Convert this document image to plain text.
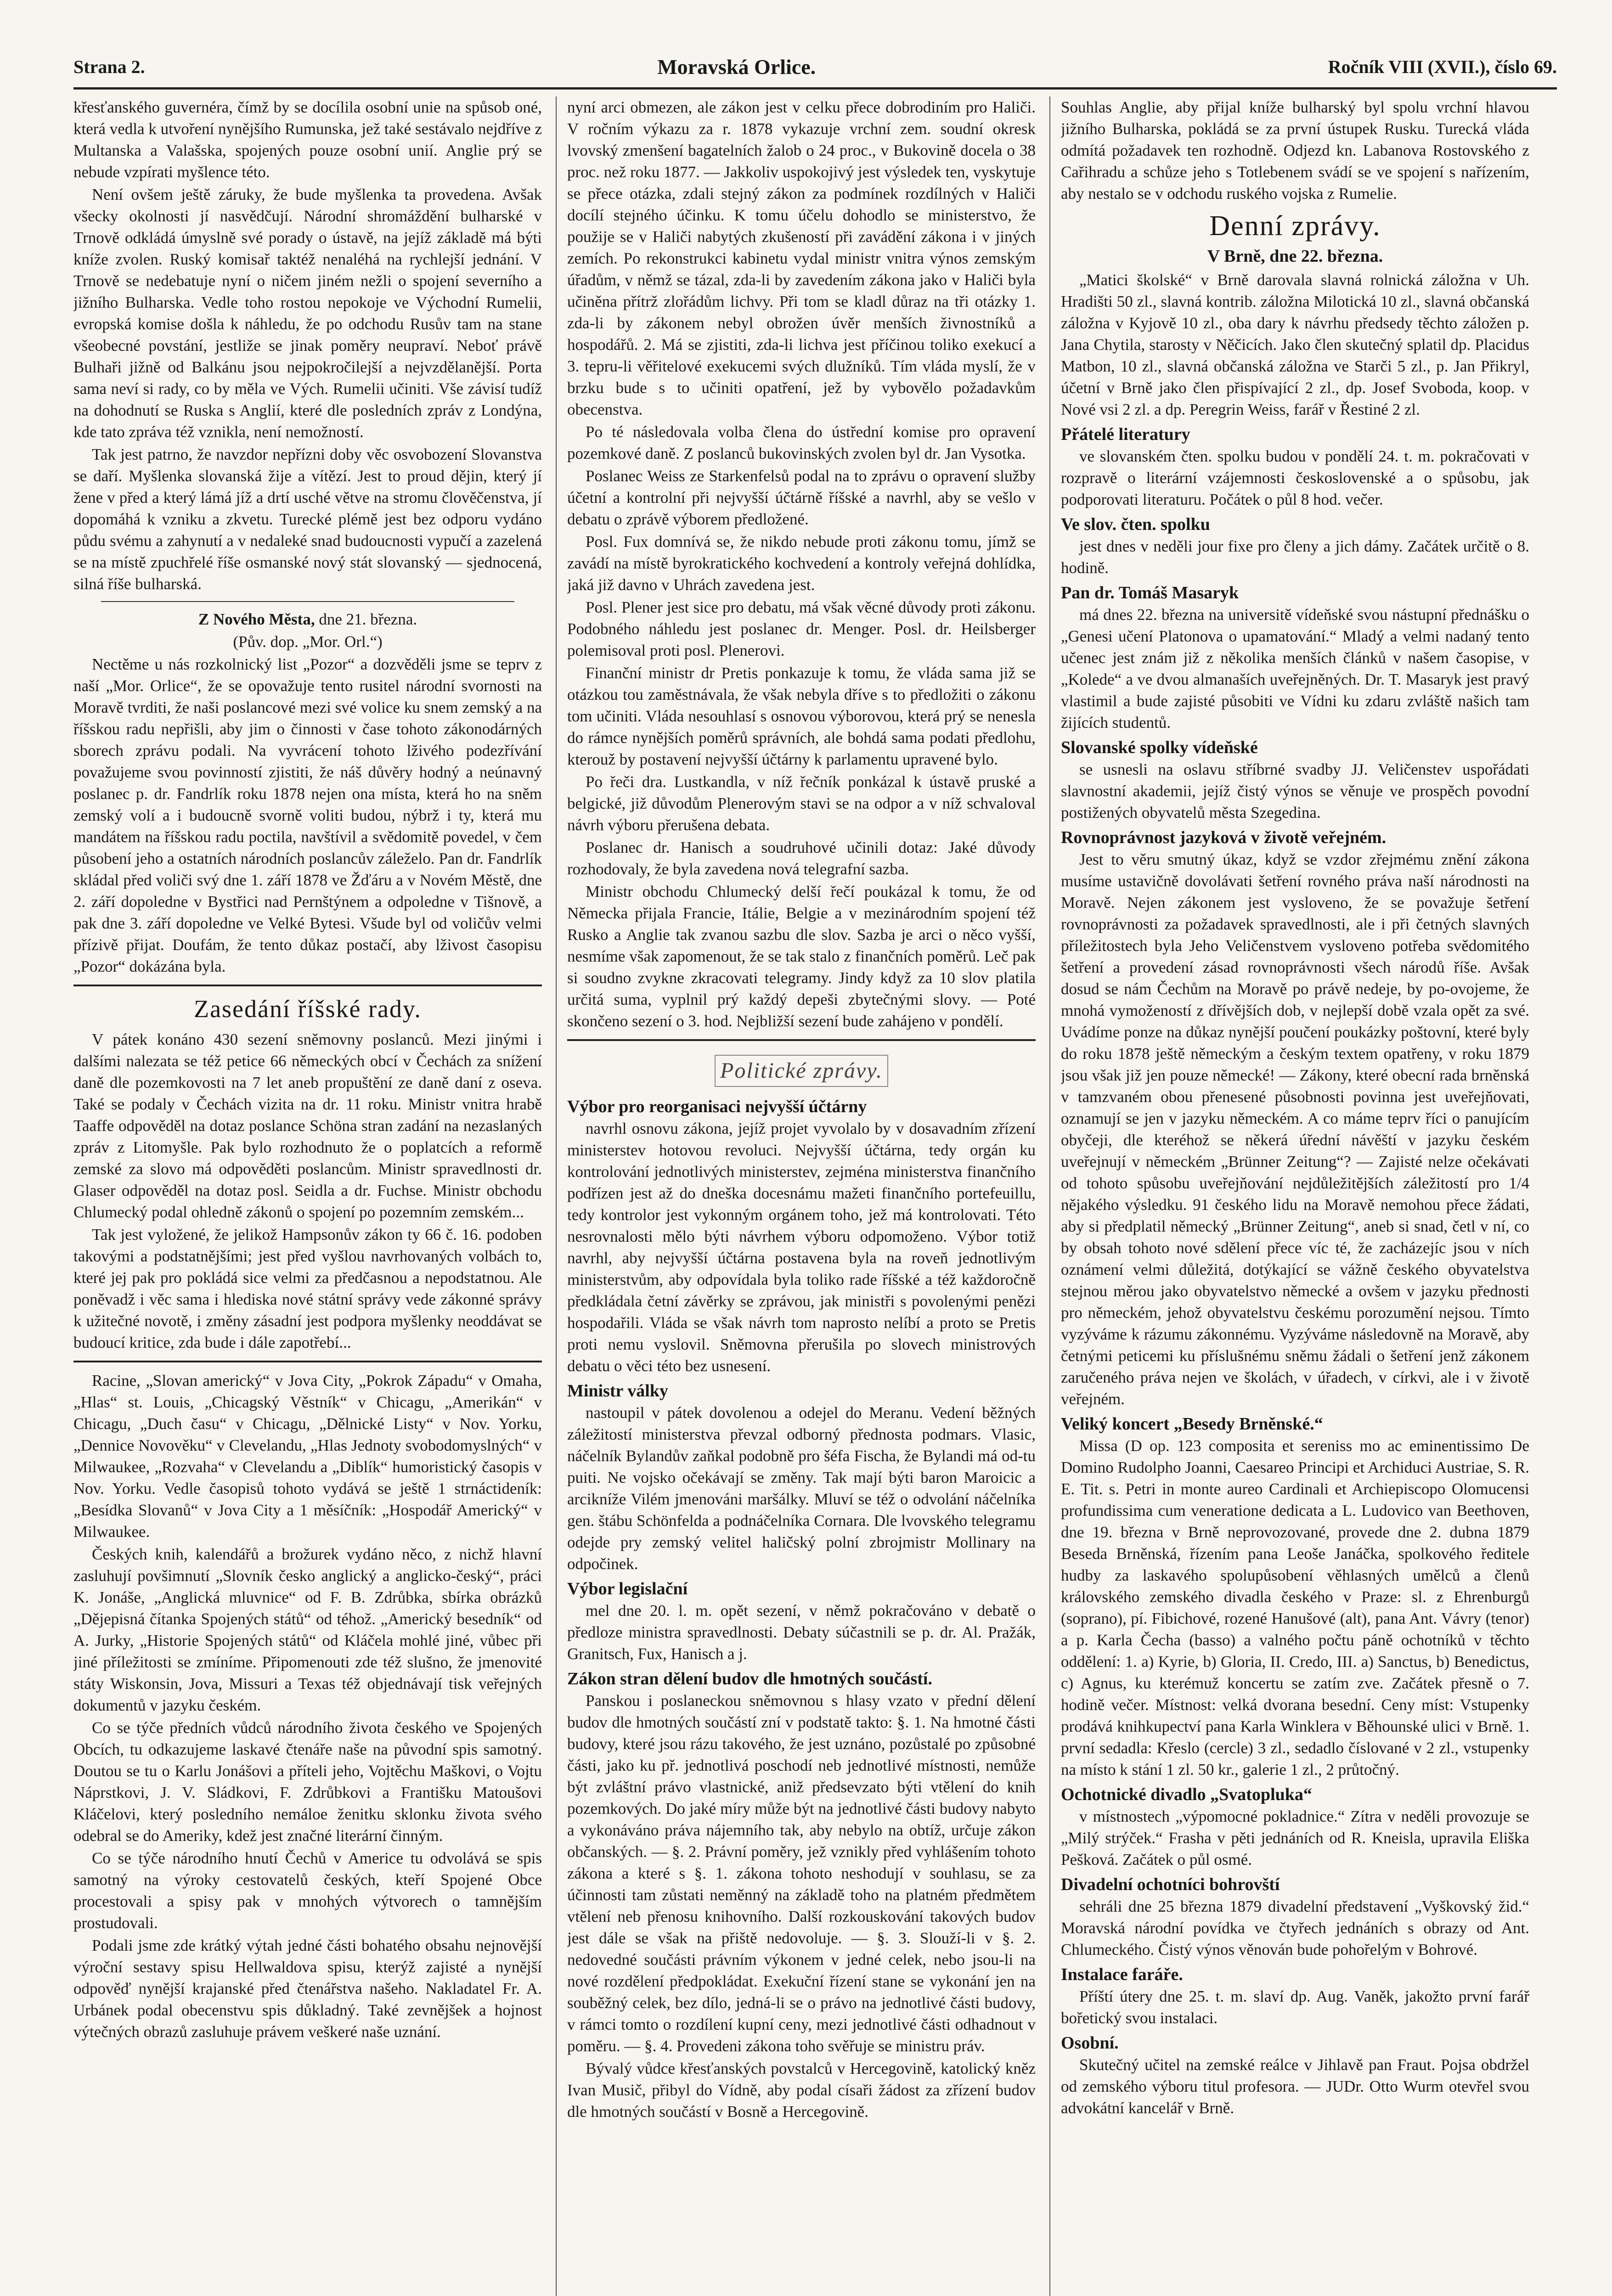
Strana 2.	Moravská Orlice.	Ročník VIII (XVII.), číslo 69.

křesťanského guvernéra, čímž by se docílila osobní unie na spůsob oné, která vedla k utvoření nynějšího Rumunska, jež také sestávalo nejdříve z Multanska a Valašska, spojených pouze osobní unií. Anglie prý se nebude vzpírati myšlence této.

Není ovšem ještě záruky, že bude myšlenka ta provedena. Avšak všecky okolnosti jí nasvědčují. Národní shromáždění bulharské v Trnově odkládá úmyslně své porady o ústavě, na jejíž základě má býti kníže zvolen. Ruský komisař taktéž nenaléhá na rychlejší jednání. V Trnově se nedebatuje nyní o ničem jiném nežli o spojení severního a jižního Bulharska. Vedle toho rostou nepokoje ve Východní Rumelii, evropská komise došla k náhledu, že po odchodu Rusův tam na stane všeobecné povstání, jestliže se jinak poměry neupraví. Neboť právě Bulhaři jižně od Balkánu jsou nejpokročilejší a nejvzdělanější. Porta sama neví si rady, co by měla ve Vých. Rumelii učiniti. Vše závisí tudíž na dohodnutí se Ruska s Anglií, které dle posledních zpráv z Londýna, kde tato zpráva též vznikla, není nemožností.

Tak jest patrno, že navzdor nepřízni doby věc osvobození Slovanstva se daří. Myšlenka slovanská žije a vítězí. Jest to proud dějin, který jí žene v před a který lámá jíž a drtí usché větve na stromu člověčenstva, jí dopomáhá k vzniku a zkvetu. Turecké plémě jest bez odporu vydáno půdu svému a zahynutí a v nedaleké snad budoucnosti vypučí a zazelená se na místě zpuchřelé říše osmanské nový stát slovanský — sjednocená, silná říše bulharská.

Z Nového Města, dne 21. března.

(Pův. dop. „Mor. Orl.“)

Nectěme u nás rozkolnický list „Pozor“ a dozvěděli jsme se teprv z naší „Mor. Orlice“, že se opovažuje tento rusitel národní svornosti na Moravě tvrditi, že naši poslancové mezi své volice ku snem zemský a na říšskou radu nepřišli, aby jim o činnosti v čase tohoto zákonodárných sborech zprávu podali. Na vyvrácení tohoto lživého podezřívání považujeme svou povinností zjistiti, že náš důvěry hodný a neúnavný poslanec p. dr. Fandrlík roku 1878 nejen ona místa, která ho na sněm zemský volí a i budoucně svorně voliti budou, nýbrž i ty, která mu mandátem na říšskou radu poctila, navštívil a svědomitě povedel, v čem působení jeho a ostatních národních poslancův záleželo. Pan dr. Fandrlík skládal před voliči svý dne 1. září 1878 ve Žďáru a v Novém Městě, dne 2. září dopoledne v Bystřici nad Pernštýnem a odpoledne v Tišnově, a pak dne 3. září dopoledne ve Velké Bytesi. Všude byl od voličův velmi přízivě přijat. Doufám, že tento důkaz postačí, aby lživost časopisu „Pozor“ dokázána byla.

Zasedání říšské rady.

V pátek konáno 430 sezení sněmovny poslanců. Mezi jinými i dalšími nalezata se též petice 66 německých obcí v Čechách za snížení daně dle pozemkovosti na 7 let aneb propuštění ze daně daní z oseva. Také se podaly v Čechách vizita na dr. 11 roku. Ministr vnitra hrabě Taaffe odpověděl na dotaz poslance Schöna stran zadání na nezaslaných zpráv z Litomyšle. Pak bylo rozhodnuto že o poplatcích a reformě zemské za slovo má odpověděti poslancům. Ministr spravedlnosti dr. Glaser odpověděl na dotaz posl. Seidla a dr. Fuchse. Ministr obchodu Chlumecký podal ohledně zákonů o spojení po pozemním zemském...

Tak jest vyložené, že jelikož Hampsonův zákon ty 66 č. 16. podoben takovými a podstatnějšími; jest před vyšlou navrhovaných volbách to, které jej pak pro pokládá sice velmi za předčasnou a nepodstatnou. Ale poněvadž i věc sama i hlediska nové státní správy vede zákonné správy k užitečné novotě, i změny zásadní jest podpora myšlenky neoddávat se budoucí kritice, zda bude i dále zapotřebí...

Racine, „Slovan americký“ v Jova City, „Pokrok Západu“ v Omaha, „Hlas“ st. Louis, „Chicagský Věstník“ v Chicagu, „Amerikán“ v Chicagu, „Duch času“ v Chicagu, „Dělnické Listy“ v Nov. Yorku, „Dennice Novověku“ v Clevelandu, „Hlas Jednoty svobodomyslných“ v Milwaukee, „Rozvaha“ v Clevelandu a „Diblík“ humoristický časopis v Nov. Yorku. Vedle časopisů tohoto vydává se ještě 1 strnáctideník: „Besídka Slovanů“ v Jova City a 1 měsíčník: „Hospodář Americký“ v Milwaukee.

Českých knih, kalendářů a brožurek vydáno něco, z nichž hlavní zasluhují povšimnutí „Slovník česko anglický a anglicko-český“, práci K. Jonáše, „Anglická mluvnice“ od F. B. Zdrůbka, sbírka obrázků „Dějepisná čítanka Spojených států“ od téhož. „Americký besedník“ od A. Jurky, „Historie Spojených států“ od Kláčela mohlé jiné, vůbec při jiné příležitosti se zmíníme. Připomenouti zde též slušno, že jmenovité státy Wiskonsin, Jova, Missuri a Texas též objednávají tisk veřejných dokumentů v jazyku českém.

Co se týče předních vůdců národního života českého ve Spojených Obcích, tu odkazujeme laskavé čtenáře naše na původní spis samotný. Doutou se tu o Karlu Jonášovi a příteli jeho, Vojtěchu Maškovi, o Vojtu Náprstkovi, J. V. Sládkovi, F. Zdrůbkovi a Františku Matoušovi Kláčelovi, který posledního nemáloe ženitku sklonku života svého odebral se do Ameriky, kdež jest značné literární činným.

Co se týče národního hnutí Čechů v Americe tu odvolává se spis samotný na výroky cestovatelů českých, kteří Spojené Obce procestovali a spisy pak v mnohých výtvorech o tamnějším prostudovali.

Podali jsme zde krátký výtah jedné části bohatého obsahu nejnovější výroční sestavy spisu Hellwaldova spisu, kterýž zajisté a nynější odpověď nynější krajanské před čtenářstva našeho. Nakladatel Fr. A. Urbánek podal obecenstvu spis důkladný. Také zevnějšek a hojnost výtečných obrazů zasluhuje právem veškeré naše uznání.

nyní arci obmezen, ale zákon jest v celku přece dobrodiním pro Haliči. V ročním výkazu za r. 1878 vykazuje vrchní zem. soudní okresk lvovský zmenšení bagatelních žalob o 24 proc., v Bukovině docela o 38 proc. než roku 1877. — Jakkoliv uspokojivý jest výsledek ten, vyskytuje se přece otázka, zdali stejný zákon za podmínek rozdílných v Haliči docílí stejného účinku. K tomu účelu dohodlo se ministerstvo, že použije se v Haliči nabytých zkušeností při zavádění zákona i v jiných zemích. Po rekonstrukci kabinetu vydal ministr vnitra výnos zemským úřadům, v němž se tázal, zda-li by zavedením zákona jako v Haliči byla učiněna přítrž zlořádům lichvy. Při tom se kladl důraz na tři otázky 1. zda-li by zákonem nebyl obrožen úvěr menších živnostníků a hospodářů. 2. Má se zjistiti, zda-li lichva jest příčinou toliko exekucí a 3. tepru-li věřitelové exekucemi svých dlužníků. Tím vláda myslí, že v brzku bude s to učiniti opatření, jež by vybovělo požadavkům obecenstva.

Po té následovala volba člena do ústřední komise pro opravení pozemkové daně. Z poslanců bukovinských zvolen byl dr. Jan Vysotka.

Poslanec Weiss ze Starkenfelsů podal na to zprávu o opravení služby účetní a kontrolní při nejvyšší účtárně říšské a navrhl, aby se vešlo v debatu o zprávě výborem předložené.

Posl. Fux domnívá se, že nikdo nebude proti zákonu tomu, jímž se zavádí na místě byrokratického kochvedení a kontroly veřejná dohlídka, jaká již davno v Uhrách zavedena jest.

Posl. Plener jest sice pro debatu, má však věcné důvody proti zákonu. Podobného náhledu jest poslanec dr. Menger. Posl. dr. Heilsberger polemisoval proti posl. Plenerovi.

Finanční ministr dr Pretis ponkazuje k tomu, že vláda sama již se otázkou tou zaměstnávala, že však nebyla dříve s to předložiti o zákonu tom učiniti. Vláda nesouhlasí s osnovou výborovou, která prý se nenesla do rámce nynějších poměrů správních, ale bohdá sama podati předlohu, kterouž by postavení nejvyšší účtárny k parlamentu upravené bylo.

Po řeči dra. Lustkandla, v níž řečník ponkázal k ústavě pruské a belgické, již důvodům Plenerovým stavi se na odpor a v níž schvaloval návrh výboru přerušena debata.

Poslanec dr. Hanisch a soudruhové učinili dotaz: Jaké důvody rozhodovaly, že byla zavedena nová telegrafní sazba.

Ministr obchodu Chlumecký delší řečí poukázal k tomu, že od Německa přijala Francie, Itálie, Belgie a v mezinárodním spojení též Rusko a Anglie tak zvanou sazbu dle slov. Sazba je arci o něco vyšší, nesmíme však zapomenout, že se tak stalo z finančních poměrů. Leč pak si soudno zvykne zkracovati telegramy. Jindy když za 10 slov platila určitá suma, vyplnil prý každý depeši zbytečnými slovy. — Poté skončeno sezení o 3. hod. Nejbližší sezení bude zahájeno v pondělí.

Politické zprávy.

Výbor pro reorganisaci nejvyšší účtárny

navrhl osnovu zákona, jejíž projet vyvolalo by v dosavadním zřízení ministerstev hotovou revoluci. Nejvyšší účtárna, tedy orgán ku kontrolování jednotlivých ministerstev, zejména ministerstva finančního podřízen jest až do dneška docesnámu mažeti finančního portefeuillu, tedy kontrolor jest vykonným orgánem toho, jež má kontrolovati. Této nesrovnalosti mělo býti návrhem výboru odpomoženo. Výbor totiž navrhl, aby nejvyšší účtárna postavena byla na roveň jednotlivým ministerstvům, aby odpovídala byla toliko rade říšské a též každoročně předkládala četní závěrky se zprávou, jak ministři s povolenými penězi hospodařili. Vláda se však návrh tom naprosto nelíbí a proto se Pretis proti nemu vyslovil. Sněmovna přerušila po slovech ministrových debatu o věci této bez usnesení.

Ministr války

nastoupil v pátek dovolenou a odejel do Meranu. Vedení běžných záležitostí ministerstva převzal odborný přednosta podmars. Vlasic, náčelník Bylandův zaňkal podobně pro šéfa Fischa, že Bylandi má od-tu puiti. Ne vojsko očekávají se změny. Tak mají býti baron Maroicic a arcikníže Vilém jmenováni maršálky. Mluví se též o odvolání náčelníka gen. štábu Schönfelda a podnáčelníka Cornara. Dle lvovského telegramu odejde pry zemský velitel haličský polní zbrojmistr Mollinary na odpočinek.

Výbor legislační

mel dne 20. l. m. opět sezení, v němž pokračováno v debatě o předloze ministra spravedlnosti. Debaty súčastnili se p. dr. Al. Pražák, Granitsch, Fux, Hanisch a j.

Zákon stran dělení budov dle hmotných součástí.

Panskou i poslaneckou sněmovnou s hlasy vzato v přední dělení budov dle hmotných součástí zní v podstatě takto: §. 1. Na hmotné části budovy, které jsou rázu takového, že jest uznáno, pozůstalé po způsobné části, jako ku př. jednotlivá poschodí neb jednotlivé místnosti, nemůže být zvláštní právo vlastnické, aniž předsevzato býti vtělení do knih pozemkových. Do jaké míry může být na jednotlivé části budovy nabyto a vykonáváno práva nájemního tak, aby nebylo na obtíž, určuje zákon občanských. — §. 2. Právní poměry, jež vznikly před vyhlášením tohoto zákona a které s §. 1. zákona tohoto neshodují v souhlasu, se za účinnosti tam zůstati neměnný na základě toho na platném předmětem vtělení neb přenosu knihovního. Další rozkouskování takových budov jest dále se však na přiště nedovoluje. — §. 3. Slouží-li v §. 2. nedovedné součásti právním výkonem v jedné celek, nebo jsou-li na nové rozdělení předpokládat. Exekuční řízení stane se vykonání jen na souběžný celek, bez dílo, jedná-li se o právo na jednotlivé části budovy, v rámci tomto o rozdílení kupní ceny, mezi jednotlivé části odhadnout v poměru. — §. 4. Provedeni zákona toho svěřuje se ministru práv.

Bývalý vůdce křesťanských povstalců v Hercegovině, katolický kněz Ivan Musič, přibyl do Vídně, aby podal císaři žádost za zřízení budov dle hmotných součástí v Bosně a Hercegovině.

Souhlas Anglie, aby přijal kníže bulharský byl spolu vrchní hlavou jižního Bulharska, pokládá se za první ústupek Rusku. Turecká vláda odmítá požadavek ten rozhodně. Odjezd kn. Labanova Rostovského z Cařihradu a schůze jeho s Totlebenem svádí se ve spojení s nařízením, aby nestalo se v odchodu ruského vojska z Rumelie.

Denní zprávy.
V Brně, dne 22. března.

„Matici školské“ v Brně darovala slavná rolnická záložna v Uh. Hradišti 50 zl., slavná kontrib. záložna Milotická 10 zl., slavná občanská záložna v Kyjově 10 zl., oba dary k návrhu předsedy těchto záložen p. Jana Chytila, starosty v Něčicích. Jako člen skutečný splatil dp. Placidus Matbon, 10 zl., slavná občanská záložna ve Starči 5 zl., p. Jan Přikryl, účetní v Brně jako člen přispívající 2 zl., dp. Josef Svoboda, koop. v Nové vsi 2 zl. a dp. Peregrin Weiss, farář v Řestiné 2 zl.

Přátelé literatury

ve slovanském čten. spolku budou v pondělí 24. t. m. pokračovati v rozpravě o literární vzájemnosti československé a o spůsobu, jak podporovati literaturu. Počátek o půl 8 hod. večer.

Ve slov. čten. spolku

jest dnes v neděli jour fixe pro členy a jich dámy. Začátek určitě o 8. hodině.

Pan dr. Tomáš Masaryk

má dnes 22. března na universitě vídeňské svou nástupní přednášku o „Genesi učení Platonova o upamatování.“ Mladý a velmi nadaný tento učenec jest znám již z několika menších článků v našem časopise, v „Kolede“ a ve dvou almanaších uveřejněných. Dr. T. Masaryk jest pravý vlastimil a bude zajisté působiti ve Vídni ku zdaru zvláště našich tam žijících studentů.

Slovanské spolky vídeňské

se usnesli na oslavu stříbrné svadby JJ. Veličenstev uspořádati slavnostní akademii, jejíž čistý výnos se věnuje ve prospěch povodní postižených obyvatelů města Szegedina.

Rovnoprávnost jazyková v životě veřejném.

Jest to věru smutný úkaz, když se vzdor zřejmému znění zákona musíme ustavičně dovolávati šetření rovného práva naší národnosti na Moravě. Nejen zákonem jest vysloveno, že se považuje šetření rovnoprávnosti za požadavek spravedlnosti, ale i při četných slavných příležitostech byla Jeho Veličenstvem vysloveno potřeba svědomitého šetření a provedení zásad rovnoprávnosti všech národů říše. Avšak dosud se nám Čechům na Moravě po právě nedeje, by po-ovojeme, že mnohá vymožeností z dřívějších dob, v nejlepší době vzala opět za své. Uvádíme ponze na důkaz nynější poučení poukázky poštovní, které byly do roku 1878 ještě německým a českým textem opatřeny, v roku 1879 jsou však již jen pouze německé! — Zákony, které obecní rada brněnská v tamzvaném obou přenesené působnosti povinna jest uveřejňovati, oznamují se jen v jazyku německém. A co máme teprv říci o panujícím obyčeji, dle kteréhož se někerá úřední návěští v jazyku českém uveřejnují v německém „Brünner Zeitung“? — Zajisté nelze očekávati od tohoto spůsobu uveřejňování nejdůležitějších záležitostí pro 1/4 nějakého výsledku. 91 českého lidu na Moravě nemohou přece žádati, aby si předplatil německý „Brünner Zeitung“, aneb si snad, četl v ní, co by obsah tohoto nové sdělení přece víc té, že zacházejíc jsou v ních oznámení velmi důležitá, dotýkající se vážně českého obyvatelstva stejnou měrou jako obyvatelstvo německé a ovšem v jazyku přednosti pro německém, jehož obyvatelstvu českému porozumění nejsou. Tímto vyzýváme k rázumu zákonnému. Vyzýváme následovně na Moravě, aby četnými peticemi ku příslušnému sněmu žádali o šetření jenž zákonem zaručeného práva nejen ve školách, v úřadech, v církvi, ale i v životě veřejném.

Veliký koncert „Besedy Brněnské.“

Missa (D op. 123 composita et sereniss mo ac eminentissimo De Domino Rudolpho Joanni, Caesareo Principi et Archiduci Austriae, S. R. E. Tit. s. Petri in monte aureo Cardinali et Archiepiscopo Olomucensi profundissima cum veneratione dedicata a L. Ludovico van Beethoven, dne 19. března v Brně neprovozované, provede dne 2. dubna 1879 Beseda Brněnská, řízením pana Leoše Janáčka, spolkového ředitele hudby za laskavého spolupůsobení věhlasných umělců a členů královského zemského divadla českého v Praze: sl. z Ehrenburgů (soprano), pí. Fibichové, rozené Hanušové (alt), pana Ant. Vávry (tenor) a p. Karla Čecha (basso) a valného počtu páně ochotníků v těchto oddělení: 1. a) Kyrie, b) Gloria, II. Credo, III. a) Sanctus, b) Benedictus, c) Agnus, ku kterémuž koncertu se zatím zve. Začátek přesně o 7. hodině večer. Místnost: velká dvorana besední. Ceny míst: Vstupenky prodává knihkupectví pana Karla Winklera v Běhounské ulici v Brně. 1. první sedadla: Křeslo (cercle) 3 zl., sedadlo číslované v 2 zl., vstupenky na místo k stání 1 zl. 50 kr., galerie 1 zl., 2 průtočný.

Ochotnické divadlo „Svatopluka“

v místnostech „výpomocné pokladnice.“ Zítra v neděli provozuje se „Milý strýček.“ Frasha v pěti jednáních od R. Kneisla, upravila Eliška Pešková. Začátek o půl osmé.

Divadelní ochotníci bohrovští

sehráli dne 25 března 1879 divadelní představení „Vyškovský žid.“ Moravská národní povídka ve čtyřech jednáních s obrazy od Ant. Chlumeckého. Čistý výnos věnován bude pohořelým v Bohrové.

Instalace faráře.

Příští útery dne 25. t. m. slaví dp. Aug. Vaněk, jakožto první farář bořetický svou instalaci.

Osobní.

Skutečný učitel na zemské reálce v Jihlavě pan Fraut. Pojsa obdržel od zemského výboru titul profesora. — JUDr. Otto Wurm otevřel svou advokátní kancelář v Brně.
